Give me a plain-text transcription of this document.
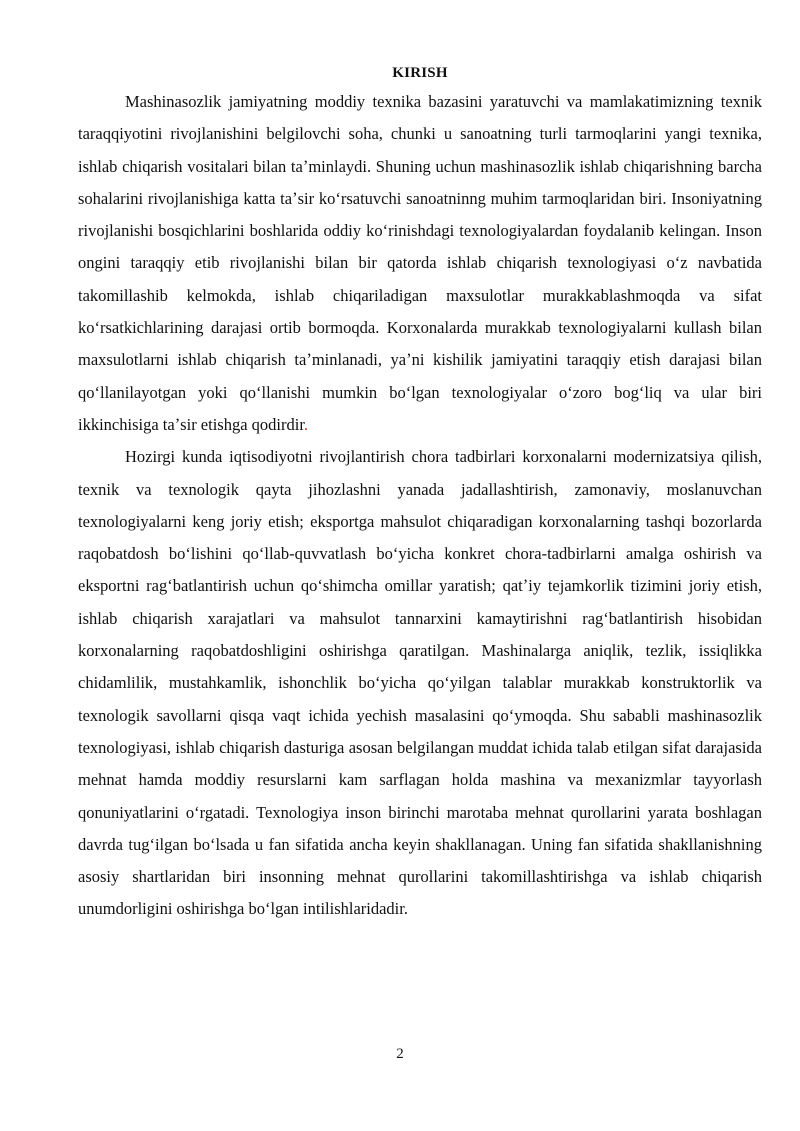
KIRISH

Mashinasozlik jamiyatning moddiy texnika bazasini yaratuvchi va mamlakatimizning texnik taraqqiyotini rivojlanishini belgilovchi soha, chunki u sanoatning turli tarmoqlarini yangi texnika, ishlab chiqarish vositalari bilan taʼminlaydi. Shuning uchun mashinasozlik ishlab chiqarishning barcha sohalarini rivojlanishiga katta taʼsir koʻrsatuvchi sanoatninng muhim tarmoqlaridan biri. Insoniyatning rivojlanishi bosqichlarini boshlarida oddiy koʻrinishdagi texnologiyalardan foydalanib kelingan. Inson ongini taraqqiy etib rivojlanishi bilan bir qatorda ishlab chiqarish texnologiyasi oʻz navbatida takomillashib kelmokda, ishlab chiqariladigan maxsulotlar murakkablashmoqda va sifat koʻrsatkichlarining darajasi ortib bormoqda. Korxonalarda murakkab texnologiyalarni kullash bilan maxsulotlarni ishlab chiqarish taʼminlanadi, yaʼni kishilik jamiyatini taraqqiy etish darajasi bilan qoʻllanilayotgan yoki qoʻllanishi mumkin boʻlgan texnologiyalar oʻzoro bogʻliq va ular biri ikkinchisiga taʼsir etishga qodirdir.

Hozirgi kunda iqtisodiyotni rivojlantirish chora tadbirlari korxonalarni modernizatsiya qilish, texnik va texnologik qayta jihozlashni yanada jadallashtirish, zamonaviy, moslanuvchan texnologiyalarni keng joriy etish; eksportga mahsulot chiqaradigan korxonalarning tashqi bozorlarda raqobatdosh boʻlishini qoʻllab-quvvatlash boʻyicha konkret chora-tadbirlarni amalga oshirish va eksportni ragʻbatlantirish uchun qoʻshimcha omillar yaratish; qatʼiy tejamkorlik tizimini joriy etish, ishlab chiqarish xarajatlari va mahsulot tannarxini kamaytirishni ragʻbatlantirish hisobidan korxonalarning raqobatdoshligini oshirishga qaratilgan. Mashinalarga aniqlik, tezlik, issiqlikka chidamlilik, mustahkamlik, ishonchlik boʻyicha qoʻyilgan talablar murakkab konstruktorlik va texnologik savollarni qisqa vaqt ichida yechish masalasini qoʻymoqda. Shu sababli mashinasozlik texnologiyasi, ishlab chiqarish dasturiga asosan belgilangan muddat ichida talab etilgan sifat darajasida mehnat hamda moddiy resurslarni kam sarflagan holda mashina va mexanizmlar tayyorlash qonuniyatlarini oʻrgatadi. Texnologiya inson birinchi marotaba mehnat qurollarini yarata boshlagan davrda tugʻilgan boʻlsada u fan sifatida ancha keyin shakllanagan. Uning fan sifatida shakllanishning asosiy shartlaridan biri insonning mehnat qurollarini takomillashtirishga va ishlab chiqarish unumdorligini oshirishga boʻlgan intilishlaridadir.

2
